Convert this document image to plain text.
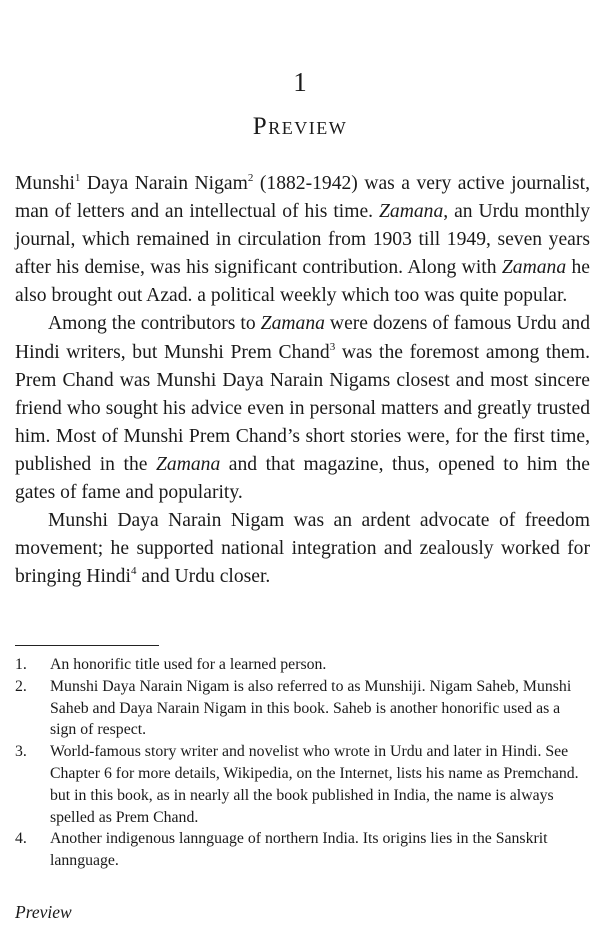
1
Preview

Munshi$^1$ Daya Narain Nigam$^2$ (1882-1942) was a very active journalist, man of letters and an intellectual of his time. Zamana, an Urdu monthly journal, which remained in circulation from 1903 till 1949, seven years after his demise, was his significant contribution. Along with Zamana he also brought out Azad. a political weekly which too was quite popular.

Among the contributors to Zamana were dozens of famous Urdu and Hindi writers, but Munshi Prem Chand$^3$ was the foremost among them. Prem Chand was Munshi Daya Narain Nigams closest and most sincere friend who sought his advice even in personal matters and greatly trusted him. Most of Munshi Prem Chand’s short stories were, for the first time, published in the Zamana and that magazine, thus, opened to him the gates of fame and popularity.

Munshi Daya Narain Nigam was an ardent advocate of freedom movement; he supported national integration and zealously worked for bringing Hindi$^4$ and Urdu closer.

1. An honorific title used for a learned person.
2. Munshi Daya Narain Nigam is also referred to as Munshiji. Nigam Saheb, Munshi Saheb and Daya Narain Nigam in this book. Saheb is another honorific used as a sign of respect.
3. World-famous story writer and novelist who wrote in Urdu and later in Hindi. See Chapter 6 for more details, Wikipedia, on the Internet, lists his name as Premchand. but in this book, as in nearly all the book published in India, the name is always spelled as Prem Chand.
4. Another indigenous lannguage of northern India. Its origins lies in the Sanskrit lannguage.
Preview
